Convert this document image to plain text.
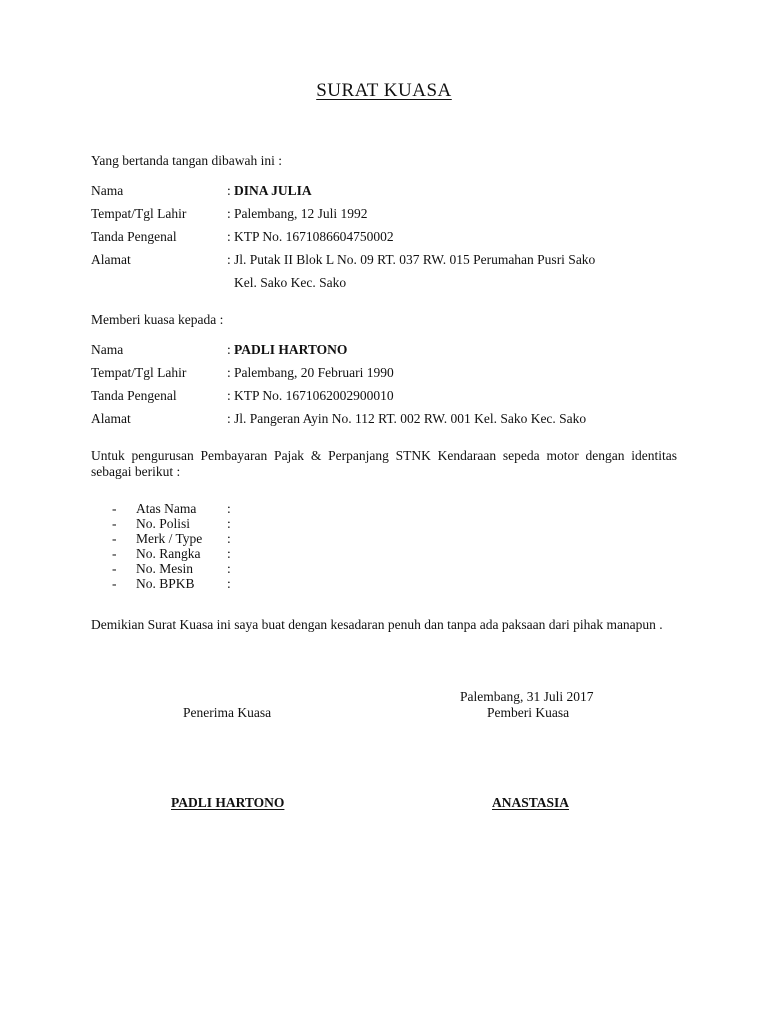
SURAT KUASA
Yang bertanda tangan dibawah ini :
Nama	: DINA JULIA
Tempat/Tgl Lahir	: Palembang, 12 Juli 1992
Tanda Pengenal	: KTP No. 1671086604750002
Alamat	: Jl. Putak II Blok L No. 09 RT. 037 RW. 015 Perumahan Pusri Sako
Kel. Sako Kec. Sako
Memberi kuasa kepada :
Nama	: PADLI HARTONO
Tempat/Tgl Lahir	: Palembang, 20 Februari 1990
Tanda Pengenal	: KTP No. 1671062002900010
Alamat	: Jl. Pangeran Ayin No. 112 RT. 002 RW. 001 Kel. Sako Kec. Sako
Untuk pengurusan Pembayaran Pajak & Perpanjang STNK Kendaraan sepeda motor dengan identitas sebagai berikut :
- Atas Nama :
- No. Polisi	:
- Merk / Type :
- No. Rangka :
- No. Mesin	:
- No. BPKB :
Demikian Surat Kuasa ini saya buat dengan kesadaran penuh dan tanpa ada paksaan dari pihak manapun .
Palembang, 31 Juli 2017
Penerima Kuasa	Pemberi Kuasa
PADLI HARTONO	ANASTASIA
